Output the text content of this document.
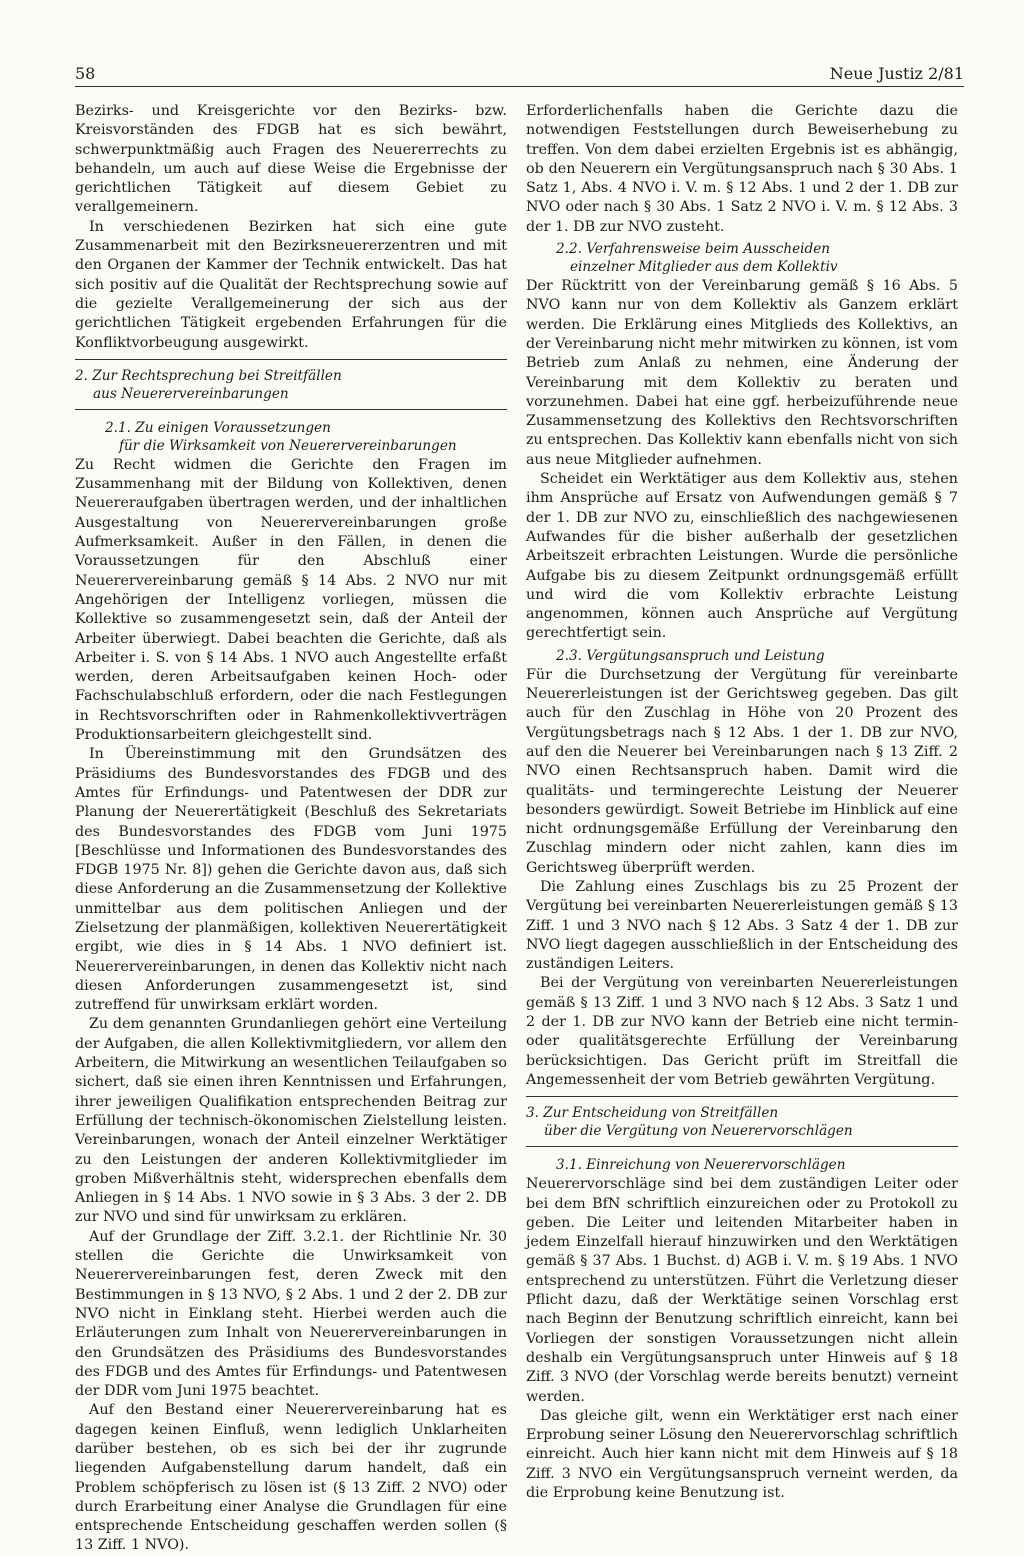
58	Neue Justiz 2/81

Bezirks- und Kreisgerichte vor den Bezirks- bzw. Kreisvorständen des FDGB hat es sich bewährt, schwerpunktmäßig auch Fragen des Neuererrechts zu behandeln, um auch auf diese Weise die Ergebnisse der gerichtlichen Tätigkeit auf diesem Gebiet zu verallgemeinern.

In verschiedenen Bezirken hat sich eine gute Zusammenarbeit mit den Bezirksneuererzentren und mit den Organen der Kammer der Technik entwickelt. Das hat sich positiv auf die Qualität der Rechtsprechung sowie auf die gezielte Verallgemeinerung der sich aus der gerichtlichen Tätigkeit ergebenden Erfahrungen für die Konfliktvorbeugung ausgewirkt.

2. Zur Rechtsprechung bei Streitfällen
aus Neuerervereinbarungen
2.1. Zu einigen Voraussetzungen
für die Wirksamkeit von Neuerervereinbarungen

Zu Recht widmen die Gerichte den Fragen im Zusammenhang mit der Bildung von Kollektiven, denen Neuereraufgaben übertragen werden, und der inhaltlichen Ausgestaltung von Neuerervereinbarungen große Aufmerksamkeit. Außer in den Fällen, in denen die Voraussetzungen für den Abschluß einer Neuerervereinbarung gemäß § 14 Abs. 2 NVO nur mit Angehörigen der Intelligenz vorliegen, müssen die Kollektive so zusammengesetzt sein, daß der Anteil der Arbeiter überwiegt. Dabei beachten die Gerichte, daß als Arbeiter i. S. von § 14 Abs. 1 NVO auch Angestellte erfaßt werden, deren Arbeitsaufgaben keinen Hoch- oder Fachschulabschluß erfordern, oder die nach Festlegungen in Rechtsvorschriften oder in Rahmenkollektivverträgen Produktionsarbeitern gleichgestellt sind.

In Übereinstimmung mit den Grundsätzen des Präsidiums des Bundesvorstandes des FDGB und des Amtes für Erfindungs- und Patentwesen der DDR zur Planung der Neuerertätigkeit (Beschluß des Sekretariats des Bundesvorstandes des FDGB vom Juni 1975 [Beschlüsse und Informationen des Bundesvorstandes des FDGB 1975 Nr. 8]) gehen die Gerichte davon aus, daß sich diese Anforderung an die Zusammensetzung der Kollektive unmittelbar aus dem politischen Anliegen und der Zielsetzung der planmäßigen, kollektiven Neuerertätigkeit ergibt, wie dies in § 14 Abs. 1 NVO definiert ist. Neuerervereinbarungen, in denen das Kollektiv nicht nach diesen Anforderungen zusammengesetzt ist, sind zutreffend für unwirksam erklärt worden.

Zu dem genannten Grundanliegen gehört eine Verteilung der Aufgaben, die allen Kollektivmitgliedern, vor allem den Arbeitern, die Mitwirkung an wesentlichen Teilaufgaben so sichert, daß sie einen ihren Kenntnissen und Erfahrungen, ihrer jeweiligen Qualifikation entsprechenden Beitrag zur Erfüllung der technisch-ökonomischen Zielstellung leisten. Vereinbarungen, wonach der Anteil einzelner Werktätiger zu den Leistungen der anderen Kollektivmitglieder im groben Mißverhältnis steht, widersprechen ebenfalls dem Anliegen in § 14 Abs. 1 NVO sowie in § 3 Abs. 3 der 2. DB zur NVO und sind für unwirksam zu erklären.

Auf der Grundlage der Ziff. 3.2.1. der Richtlinie Nr. 30 stellen die Gerichte die Unwirksamkeit von Neuerervereinbarungen fest, deren Zweck mit den Bestimmungen in § 13 NVO, § 2 Abs. 1 und 2 der 2. DB zur NVO nicht in Einklang steht. Hierbei werden auch die Erläuterungen zum Inhalt von Neuerervereinbarungen in den Grundsätzen des Präsidiums des Bundesvorstandes des FDGB und des Amtes für Erfindungs- und Patentwesen der DDR vom Juni 1975 beachtet.

Auf den Bestand einer Neuerervereinbarung hat es dagegen keinen Einfluß, wenn lediglich Unklarheiten darüber bestehen, ob es sich bei der ihr zugrunde liegenden Aufgabenstellung darum handelt, daß ein Problem schöpferisch zu lösen ist (§ 13 Ziff. 2 NVO) oder durch Erarbeitung einer Analyse die Grundlagen für eine entsprechende Entscheidung geschaffen werden sollen (§ 13 Ziff. 1 NVO).

Erforderlichenfalls haben die Gerichte dazu die notwendigen Feststellungen durch Beweiserhebung zu treffen. Von dem dabei erzielten Ergebnis ist es abhängig, ob den Neuerern ein Vergütungsanspruch nach § 30 Abs. 1 Satz 1, Abs. 4 NVO i. V. m. § 12 Abs. 1 und 2 der 1. DB zur NVO oder nach § 30 Abs. 1 Satz 2 NVO i. V. m. § 12 Abs. 3 der 1. DB zur NVO zusteht.

2.2. Verfahrensweise beim Ausscheiden
einzelner Mitglieder aus dem Kollektiv

Der Rücktritt von der Vereinbarung gemäß § 16 Abs. 5 NVO kann nur von dem Kollektiv als Ganzem erklärt werden. Die Erklärung eines Mitglieds des Kollektivs, an der Vereinbarung nicht mehr mitwirken zu können, ist vom Betrieb zum Anlaß zu nehmen, eine Änderung der Vereinbarung mit dem Kollektiv zu beraten und vorzunehmen. Dabei hat eine ggf. herbeizuführende neue Zusammensetzung des Kollektivs den Rechtsvorschriften zu entsprechen. Das Kollektiv kann ebenfalls nicht von sich aus neue Mitglieder aufnehmen.

Scheidet ein Werktätiger aus dem Kollektiv aus, stehen ihm Ansprüche auf Ersatz von Aufwendungen gemäß § 7 der 1. DB zur NVO zu, einschließlich des nachgewiesenen Aufwandes für die bisher außerhalb der gesetzlichen Arbeitszeit erbrachten Leistungen. Wurde die persönliche Aufgabe bis zu diesem Zeitpunkt ordnungsgemäß erfüllt und wird die vom Kollektiv erbrachte Leistung angenommen, können auch Ansprüche auf Vergütung gerechtfertigt sein.

2.3. Vergütungsanspruch und Leistung

Für die Durchsetzung der Vergütung für vereinbarte Neuererleistungen ist der Gerichtsweg gegeben. Das gilt auch für den Zuschlag in Höhe von 20 Prozent des Vergütungsbetrags nach § 12 Abs. 1 der 1. DB zur NVO, auf den die Neuerer bei Vereinbarungen nach § 13 Ziff. 2 NVO einen Rechtsanspruch haben. Damit wird die qualitäts- und termingerechte Leistung der Neuerer besonders gewürdigt. Soweit Betriebe im Hinblick auf eine nicht ordnungsgemäße Erfüllung der Vereinbarung den Zuschlag mindern oder nicht zahlen, kann dies im Gerichtsweg überprüft werden.

Die Zahlung eines Zuschlags bis zu 25 Prozent der Vergütung bei vereinbarten Neuererleistungen gemäß § 13 Ziff. 1 und 3 NVO nach § 12 Abs. 3 Satz 4 der 1. DB zur NVO liegt dagegen ausschließlich in der Entscheidung des zuständigen Leiters.

Bei der Vergütung von vereinbarten Neuererleistungen gemäß § 13 Ziff. 1 und 3 NVO nach § 12 Abs. 3 Satz 1 und 2 der 1. DB zur NVO kann der Betrieb eine nicht termin- oder qualitätsgerechte Erfüllung der Vereinbarung berücksichtigen. Das Gericht prüft im Streitfall die Angemessenheit der vom Betrieb gewährten Vergütung.

3. Zur Entscheidung von Streitfällen
über die Vergütung von Neuerervorschlägen
3.1. Einreichung von Neuerervorschlägen

Neuerervorschläge sind bei dem zuständigen Leiter oder bei dem BfN schriftlich einzureichen oder zu Protokoll zu geben. Die Leiter und leitenden Mitarbeiter haben in jedem Einzelfall hierauf hinzuwirken und den Werktätigen gemäß § 37 Abs. 1 Buchst. d) AGB i. V. m. § 19 Abs. 1 NVO entsprechend zu unterstützen. Führt die Verletzung dieser Pflicht dazu, daß der Werktätige seinen Vorschlag erst nach Beginn der Benutzung schriftlich einreicht, kann bei Vorliegen der sonstigen Voraussetzungen nicht allein deshalb ein Vergütungsanspruch unter Hinweis auf § 18 Ziff. 3 NVO (der Vorschlag werde bereits benutzt) verneint werden.

Das gleiche gilt, wenn ein Werktätiger erst nach einer Erprobung seiner Lösung den Neuerervorschlag schriftlich einreicht. Auch hier kann nicht mit dem Hinweis auf § 18 Ziff. 3 NVO ein Vergütungsanspruch verneint werden, da die Erprobung keine Benutzung ist.
